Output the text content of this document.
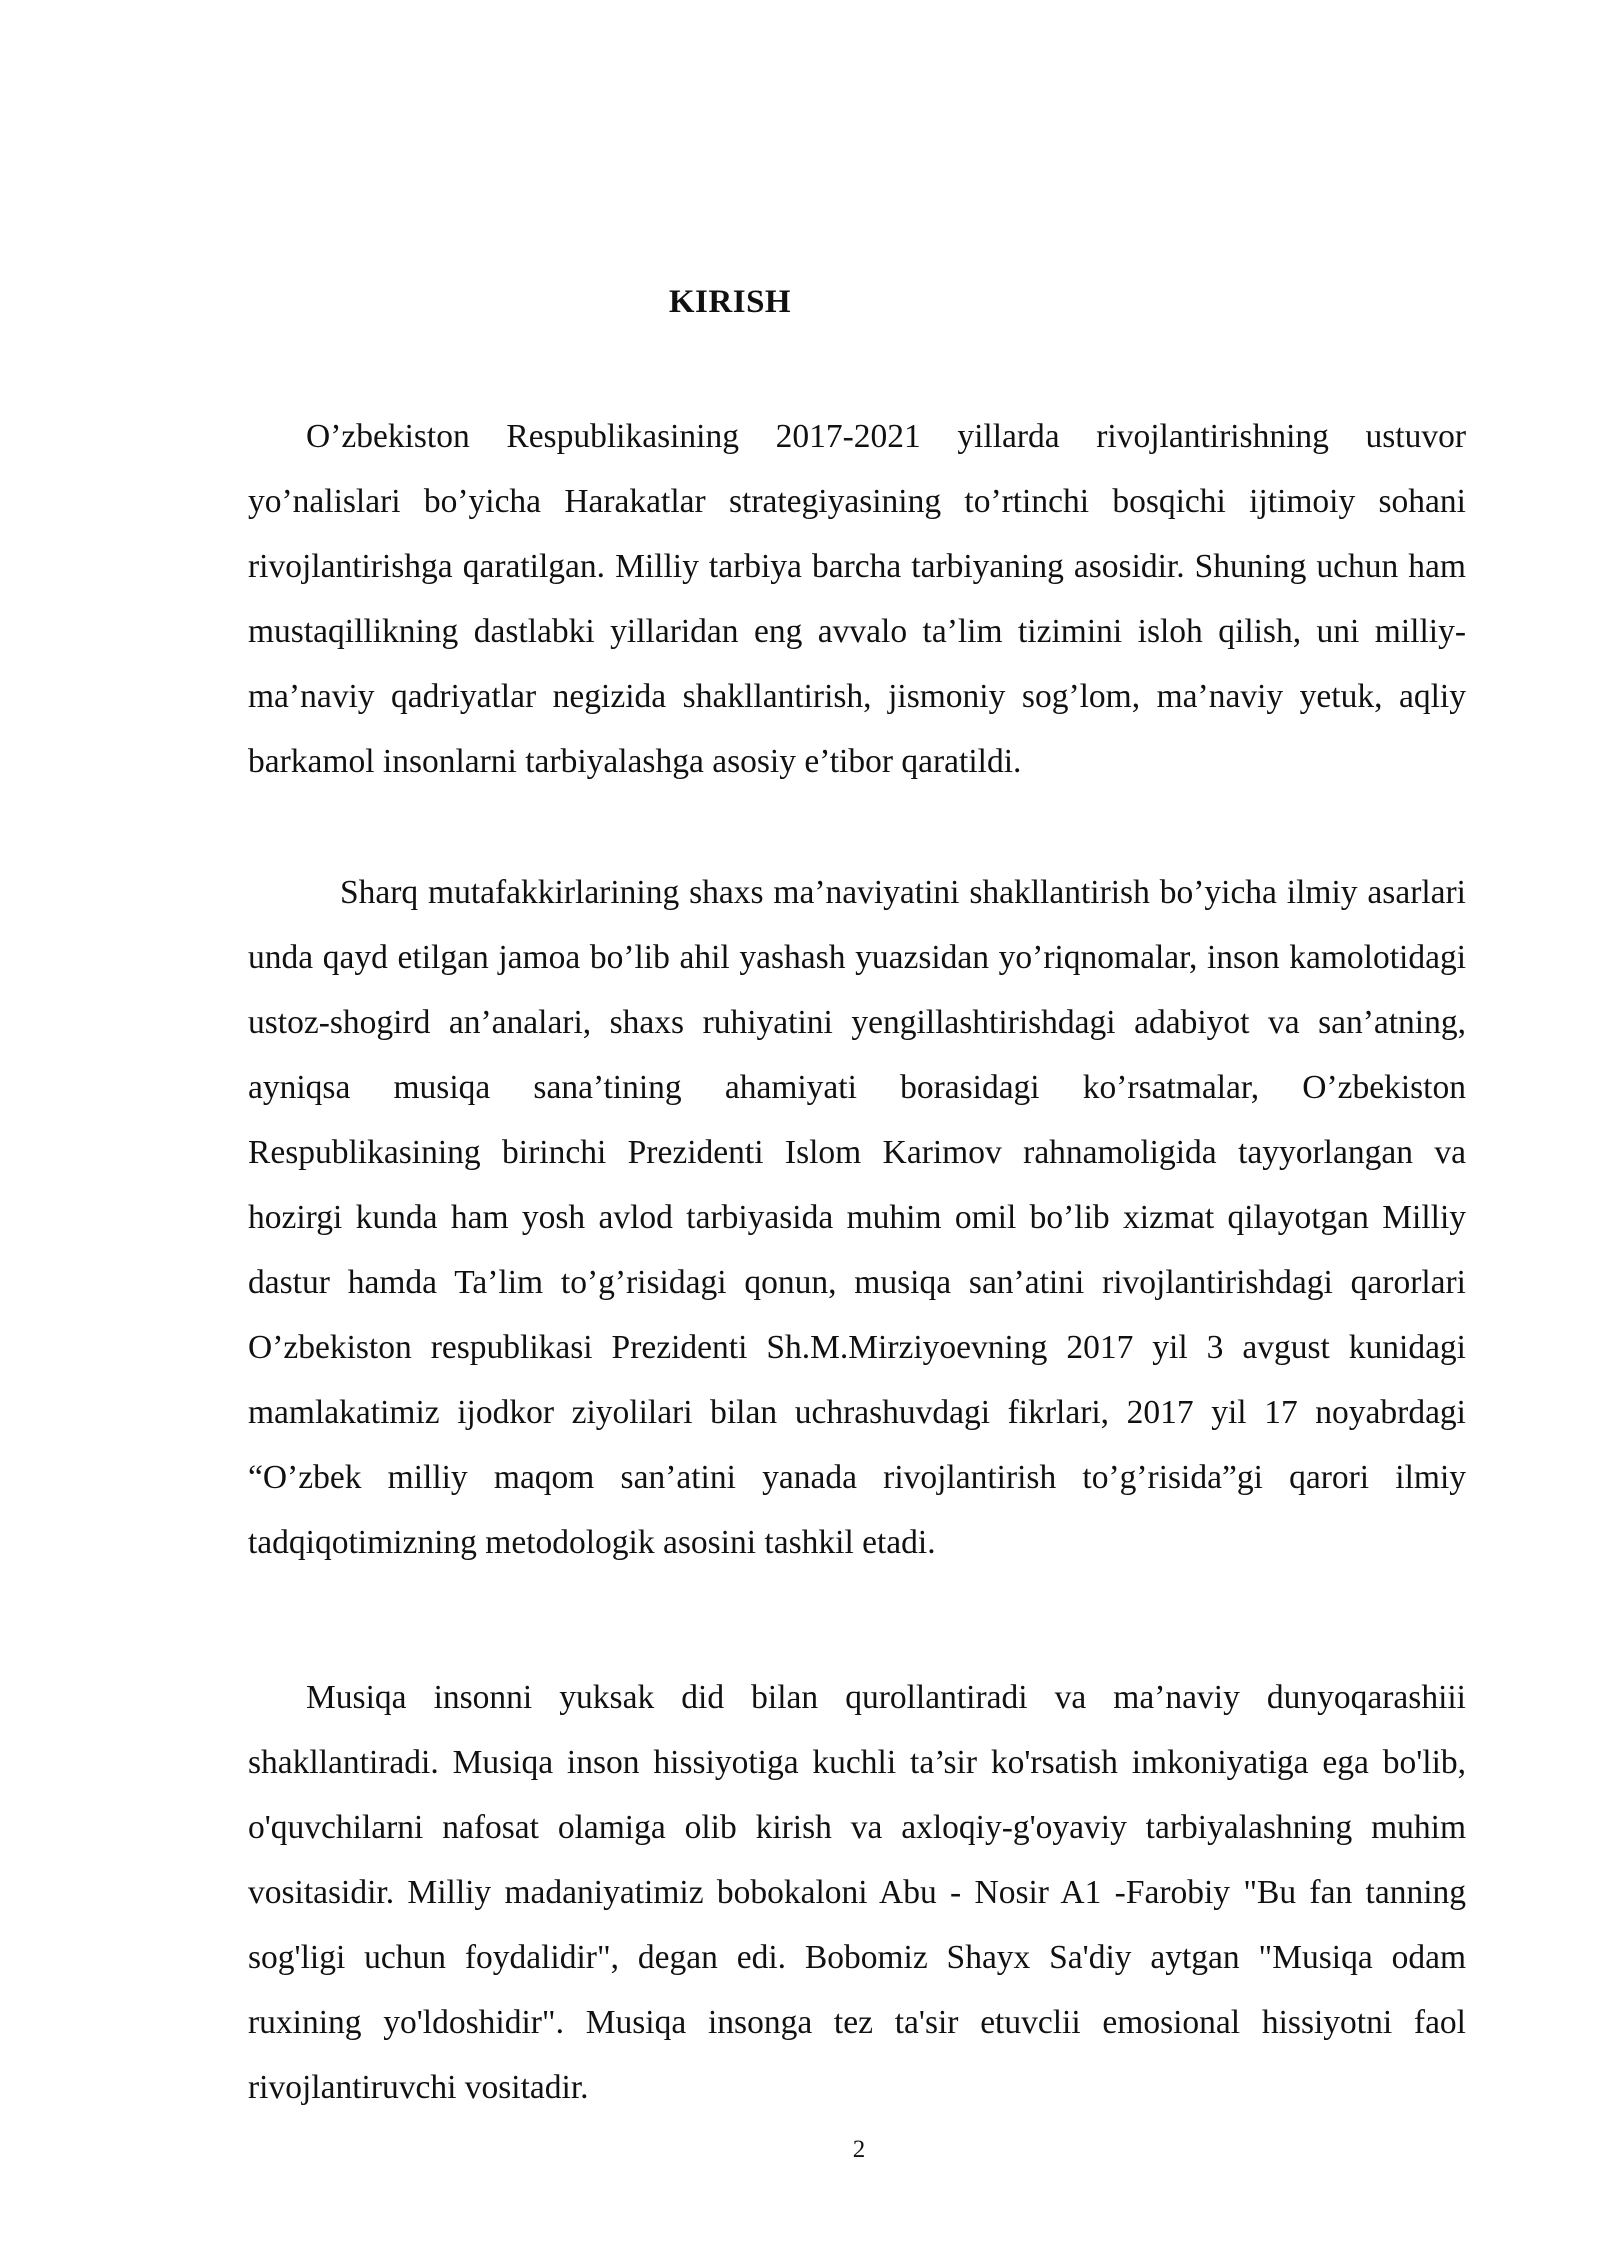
KIRISH

O’zbekiston Respublikasining 2017-2021 yillarda rivojlantirishning ustuvor yo’nalislari bo’yicha Harakatlar strategiyasining to’rtinchi bosqichi ijtimoiy sohani rivojlantirishga qaratilgan. Milliy tarbiya barcha tarbiyaning asosidir. Shuning uchun ham mustaqillikning dastlabki yillaridan eng avvalo ta’lim tizimini isloh qilish, uni milliy-ma’naviy qadriyatlar negizida shakllantirish, jismoniy sog’lom, ma’naviy yetuk, aqliy barkamol insonlarni tarbiyalashga asosiy e’tibor qaratildi.

Sharq mutafakkirlarining shaxs ma’naviyatini shakllantirish bo’yicha ilmiy asarlari unda qayd etilgan jamoa bo’lib ahil yashash yuazsidan yo’riqnomalar, inson kamolotidagi ustoz-shogird an’analari, shaxs ruhiyatini yengillashtirishdagi adabiyot va san’atning, ayniqsa musiqa sana’tining ahamiyati borasidagi ko’rsatmalar, O’zbekiston Respublikasining birinchi Prezidenti Islom Karimov rahnamoligida tayyorlangan va hozirgi kunda ham yosh avlod tarbiyasida muhim omil bo’lib xizmat qilayotgan Milliy dastur hamda Ta’lim to’g’risidagi qonun, musiqa san’atini rivojlantirishdagi qarorlari O’zbekiston respublikasi Prezidenti Sh.M.Mirziyoevning 2017 yil 3 avgust kunidagi mamlakatimiz ijodkor ziyolilari bilan uchrashuvdagi fikrlari, 2017 yil 17 noyabrdagi “O’zbek milliy maqom san’atini yanada rivojlantirish to’g’risida”gi qarori ilmiy tadqiqotimizning metodologik asosini tashkil etadi.

Musiqa insonni yuksak did bilan qurollantiradi va ma’naviy dunyoqarashiii shakllantiradi. Musiqa inson hissiyotiga kuchli ta’sir ko'rsatish imkoniyatiga ega bo'lib, o'quvchilarni nafosat olamiga olib kirish va axloqiy-g'oyaviy tarbiyalashning muhim vositasidir. Milliy madaniyatimiz bobokaloni Abu - Nosir A1 -Farobiy "Bu fan tanning sog'ligi uchun foydalidir", degan edi. Bobomiz Shayx Sa'diy aytgan "Musiqa odam ruxining yo'ldoshidir". Musiqa insonga tez ta'sir etuvclii emosional hissiyotni faol rivojlantiruvchi vositadir.

2
